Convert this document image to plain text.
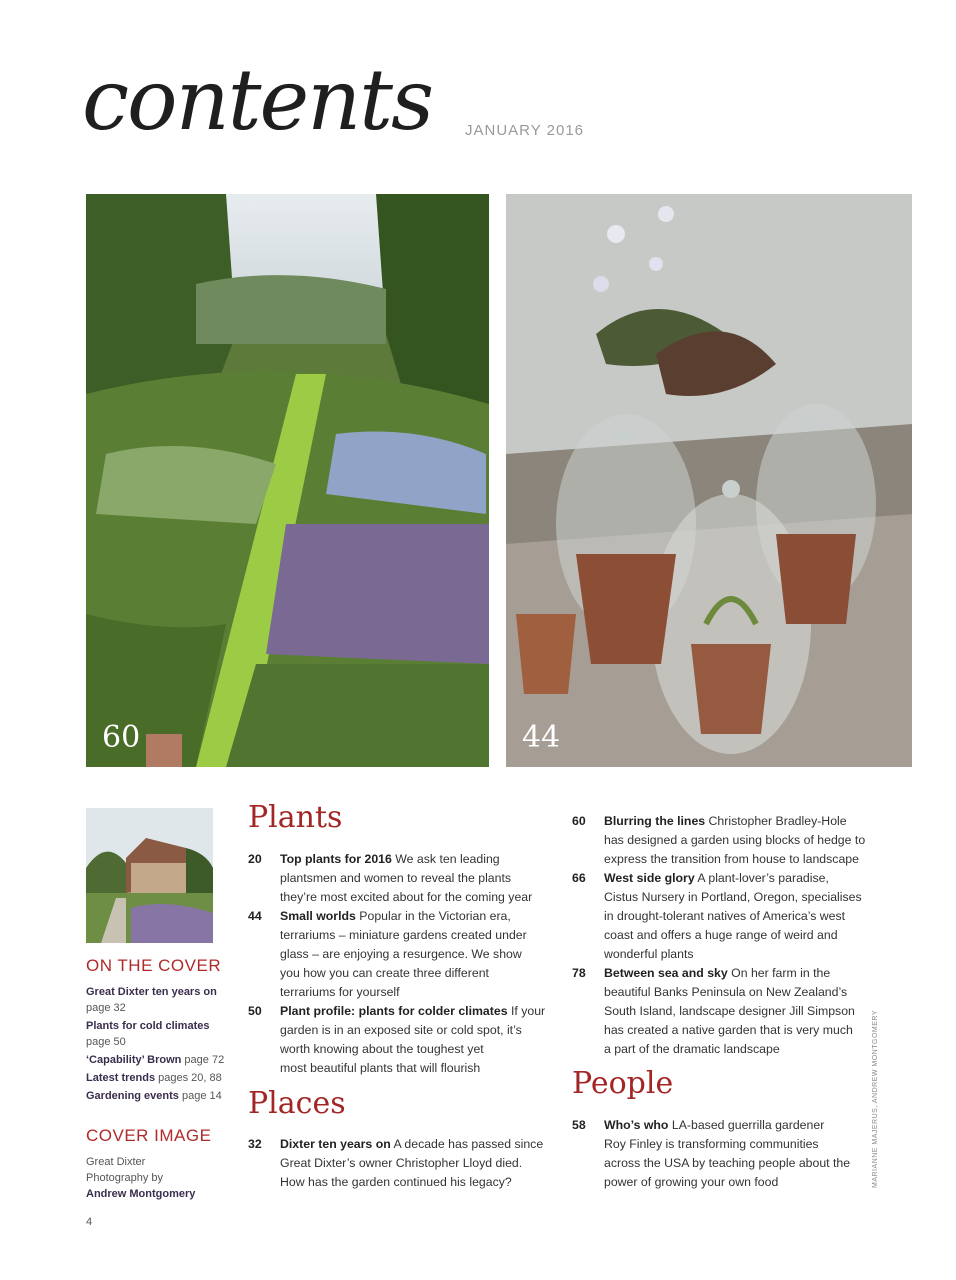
contents JANUARY 2016
60	44
ON THE COVER
Great Dixter ten years on
page 32
Plants for cold climates
page 50
‘Capability’ Brown page 72
Latest trends pages 20, 88
Gardening events page 14
COVER IMAGE
Great Dixter
Photography by
Andrew Montgomery
Plants
20 Top plants for 2016 We ask ten leading
plantsmen and women to reveal the plants
they’re most excited about for the coming year
44 Small worlds Popular in the Victorian era,
terrariums – miniature gardens created under
glass – are enjoying a resurgence. We show
you how you can create three different
terrariums for yourself
50 Plant profile: plants for colder climates If your
garden is in an exposed site or cold spot, it’s
worth knowing about the toughest yet
most beautiful plants that will flourish
Places
32 Dixter ten years on A decade has passed since
Great Dixter’s owner Christopher Lloyd died.
How has the garden continued his legacy?
60 Blurring the lines Christopher Bradley-Hole
has designed a garden using blocks of hedge to
express the transition from house to landscape
66 West side glory A plant-lover’s paradise,
Cistus Nursery in Portland, Oregon, specialises
in drought-tolerant natives of America’s west
coast and offers a huge range of weird and
wonderful plants
78 Between sea and sky On her farm in the
beautiful Banks Peninsula on New Zealand’s
South Island, landscape designer Jill Simpson
has created a native garden that is very much
a part of the dramatic landscape
People
58 Who’s who LA-based guerrilla gardener
Roy Finley is transforming communities
across the USA by teaching people about the
power of growing your own food
4
MARIANNE MAJERUS, ANDREW MONTGOMERY
